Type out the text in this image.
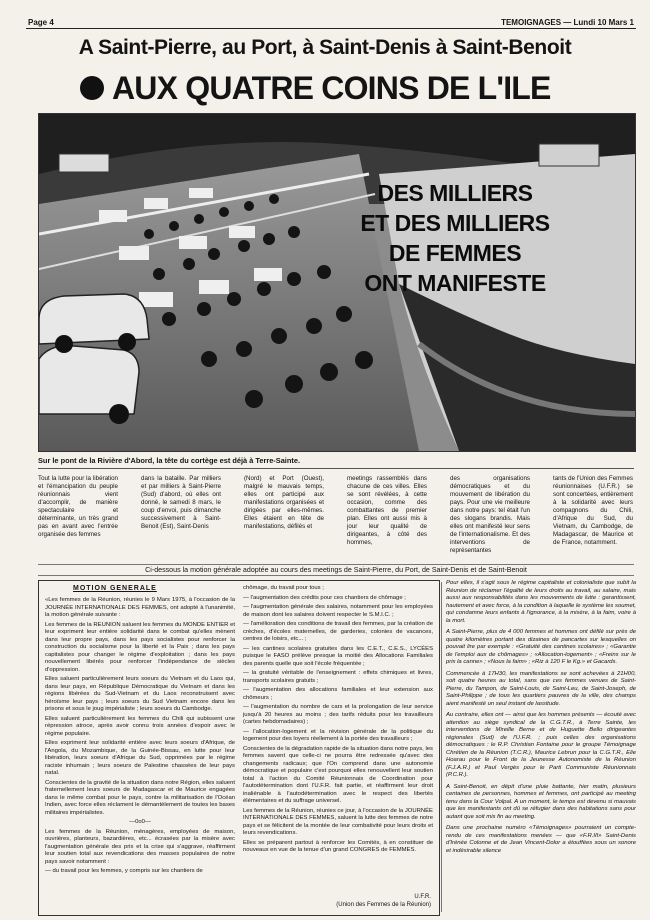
Page 4	TEMOIGNAGES — Lundi 10 Mars 1
A Saint-Pierre, au Port, à Saint-Denis à Saint-Benoit
AUX QUATRE COINS DE L'ILE
DES MILLIERS
ET DES MILLIERS
DE FEMMES
ONT MANIFESTE
Sur le pont de la Rivière d'Abord, la tête du cortège est déjà à Terre-Sainte.
Tout la lutte pour la libération et l'émancipation du peuple réunionnais vient d'accomplir, de manière spectaculaire et déterminante, un très grand pas en avant avec l'entrée organisée des femmes
dans la bataille. Par milliers et par milliers à Saint-Pierre (Sud) d'abord, où elles ont donné, le samedi 8 mars, le coup d'envoi, puis dimanche successivement à Saint-Benoit (Est), Saint-Denis
(Nord) et Port (Ouest), malgré le mauvais temps, elles ont participé aux manifestations organisées et dirigées par elles-mêmes. Elles étaient en tête de manifestations, défilés et
meetings rassemblés dans chacune de ces villes. Elles se sont révélées, à cette occasion, comme des combattantes de premier plan. Elles ont aussi mis à jour leur qualité de dirigeantes, à côté des hommes,
des organisations démocratiques et du mouvement de libération du pays. Pour une vie meilleure dans notre pays: tel était l'un des slogans brandis. Mais elles ont manifesté leur sens de l'internationalisme. Et des interventions de représentantes
tants de l'Union des Femmes réunionnaises (U.F.R.) se sont concertées, entièrement à la solidarité avec leurs compagnons du Chili, d'Afrique du Sud, du Vietnam, du Cambodge, de Madagascar, de Maurice et de France, notamment.
Ci-dessous la motion générale adoptée au cours des meetings de Saint-Pierre, du Port, de Saint-Denis et de Saint-Benoit
MOTION GENERALE

«Les femmes de la Réunion, réunies le 9 Mars 1975, à l'occasion de la JOURNÉE INTERNATIONALE DES FEMMES, ont adopté à l'unanimité, la motion générale suivante :

Les femmes de la REUNION saluent les femmes du MONDE ENTIER et leur expriment leur entière solidarité dans le combat qu'elles mènent dans leur propre pays, dans les pays socialistes pour renforcer la construction du socialisme pour la liberté et la Paix ; dans les pays capitalistes pour changer le régime d'exploitation ; dans les pays nouvellement libérés pour renforcer l'indépendance de siècles d'oppression.

Elles saluent particulièrement leurs soeurs du Vietnam et du Laos qui, dans leur pays, en République Démocratique du Vietnam et dans les régions libérées du Sud-Vietnam et du Laos reconstruisent avec héroïsme leur pays ; leurs soeurs du Sud Vietnam encore dans les prisons et sous le joug impérialiste ; leurs soeurs du Cambodge.

Elles saluent particulièrement les femmes du Chili qui subissent une répression atroce, après avoir connu trois années d'espoir avec le régime populaire.

Elles expriment leur solidarité entière avec leurs soeurs d'Afrique, de l'Angola, du Mozambique, de la Guinée-Bissau, en lutte pour leur libération, leurs soeurs d'Afrique du Sud, opprimées par le régime raciste inhumain ; leurs soeurs de Palestine chassées de leur pays natal.

Conscientes de la gravité de la situation dans notre Région, elles saluent fraternellement leurs soeurs de Madagascar et de Maurice engagées dans le même combat pour le pays, contre la militarisation de l'Océan Indien, avec force elles réclament le démantèlement de toutes les bases militaires impérialistes.

—0o0—

Les femmes de la Réunion, ménagères, employées de maison, ouvrières, planteurs, bazardières, etc... écrasées par la misère avec l'augmentation générale des prix et la crise qui s'aggrave, réaffirment leur soutien total aux revendications des masses populaires de notre pays savoir notamment :

— du travail pour les femmes, y compris sur les chantiers de

chômage, du travail pour tous ;

— l'augmentation des crédits pour ces chantiers de chômage ;

— l'augmentation générale des salaires, notamment pour les employées de maison dont les salaires doivent respecter le S.M.I.C. ;

— l'amélioration des conditions de travail des femmes, par la création de crèches, d'écoles maternelles, de garderies, colonies de vacances, centres de loisirs, etc... ;

— les cantines scolaires gratuites dans les C.E.T., C.E.S., LYCÉES puisque le FASO prélève presque la moitié des Allocations Familiales des parents quelle que soit l'école fréquentée ;

— la gratuité véritable de l'enseignement : effets chimiques et livres, transports scolaires gratuits ;

— l'augmentation des allocations familiales et leur extension aux chômeurs ;

— l'augmentation du nombre de cars et la prolongation de leur service jusqu'à 20 heures au moins ; des tarifs réduits pour les travailleurs (cartes hebdomadaires) ;

— l'allocation-logement et la révision générale de la politique du logement pour des loyers réellement à la portée des travailleurs ;

Conscientes de la dégradation rapide de la situation dans notre pays, les femmes savent que celle-ci ne pourra être redressée qu'avec des changements radicaux; que l'On comprend dans une autonomie démocratique et populaire c'est pourquoi elles renouvellent leur soutien total à l'action du Comité Réunionnais de Coordination pour l'autodétermination dont l'U.F.R. fait partie, et réaffirment leur droit inaliénable à l'autodétermination avec le respect des libertés élémentaires et du suffrage universel.

Les femmes de la Réunion, réunies ce jour, à l'occasion de la JOURNÉE INTERNATIONALE DES FEMMES, saluent la lutte des femmes de notre pays et se félicitent de la montée de leur combativité pour leurs droits et leurs revendications.

Elles se préparent partout à renforcer les Comités, à en constituer de nouveaux en vue de la tenue d'un grand CONGRES de FEMMES.

U.F.R.
(Union des Femmes de la Réunion)

Pour elles, il s'agit sous le régime capitaliste et colonialiste que subit la Réunion de réclamer l'égalité de leurs droits au travail, au salaire, mais aussi aux responsabilités dans les mouvements de lutte : garantissent, hautement et avec force, à la condition à laquelle le système les soumet, qui condamne leurs enfants à l'ignorance, à la misère, à la faim, voire à la mort.

A Saint-Pierre, plus de 4 000 femmes et hommes ont défilé sur près de quatre kilomètres portant des dizaines de pancartes sur lesquelles on pouvait lire par exemple : «Gratuité des cantines scolaires» ; «Garantie de l'emploi aux de chômages» ; «Allocation-logement» ; «Freins sur le prix la canne» ; «Nous la faim» ; «Riz à 120 F le Kg.» et Gacards.

Commencée à 17H30, les manifestations se sont achevées à 21H00, soit quatre heures au total, sans que ces femmes venues de Saint-Pierre, du Tampon, de Saint-Louis, de Saint-Leu, de Saint-Joseph, de Saint-Philippe ; de tous les quartiers pauvres de la ville, des champs aient manifesté un seul instant de lassitude.

Au contraire, elles ont — ainsi que les hommes présents — écouté avec attention au siège syndical de la C.G.T.R., à Terre Sainte, les interventions de Mireille Berne et de Huguette Bello dirigeantes régionales (Sud) de l'U.F.R. ; puis celles des organisations démocratiques : le R.P. Christian Fontaine pour le groupe Témoignage Chrétien de la Réunion (T.C.R.), Maurice Lebrun pour la C.G.T.R., Elie Hoarau pour le Front de la Jeunesse Autonomiste de la Réunion (F.J.A.R.) et Paul Vergès pour le Parti Communiste Réunionnais (P.C.R.).

A Saint-Benoit, en dépit d'une pluie battante, hier matin, plusieurs centaines de personnes, hommes et femmes, ont participé au meeting tenu dans la Cour Volpal. A un moment, le temps est devenu si mauvais que les manifestants ont dû se réfugier dans des habitations sans pour autant que soit mis fin au meeting.

Dans une prochaine numéro «Témoignages» pourraient un compte-rendu de ces manifestations menées — que «F.R.III» Saint-Denis d'Irénée Colonne et de Jean Vincent-Dolor a étouffées sous un sonore et indésirable silence
